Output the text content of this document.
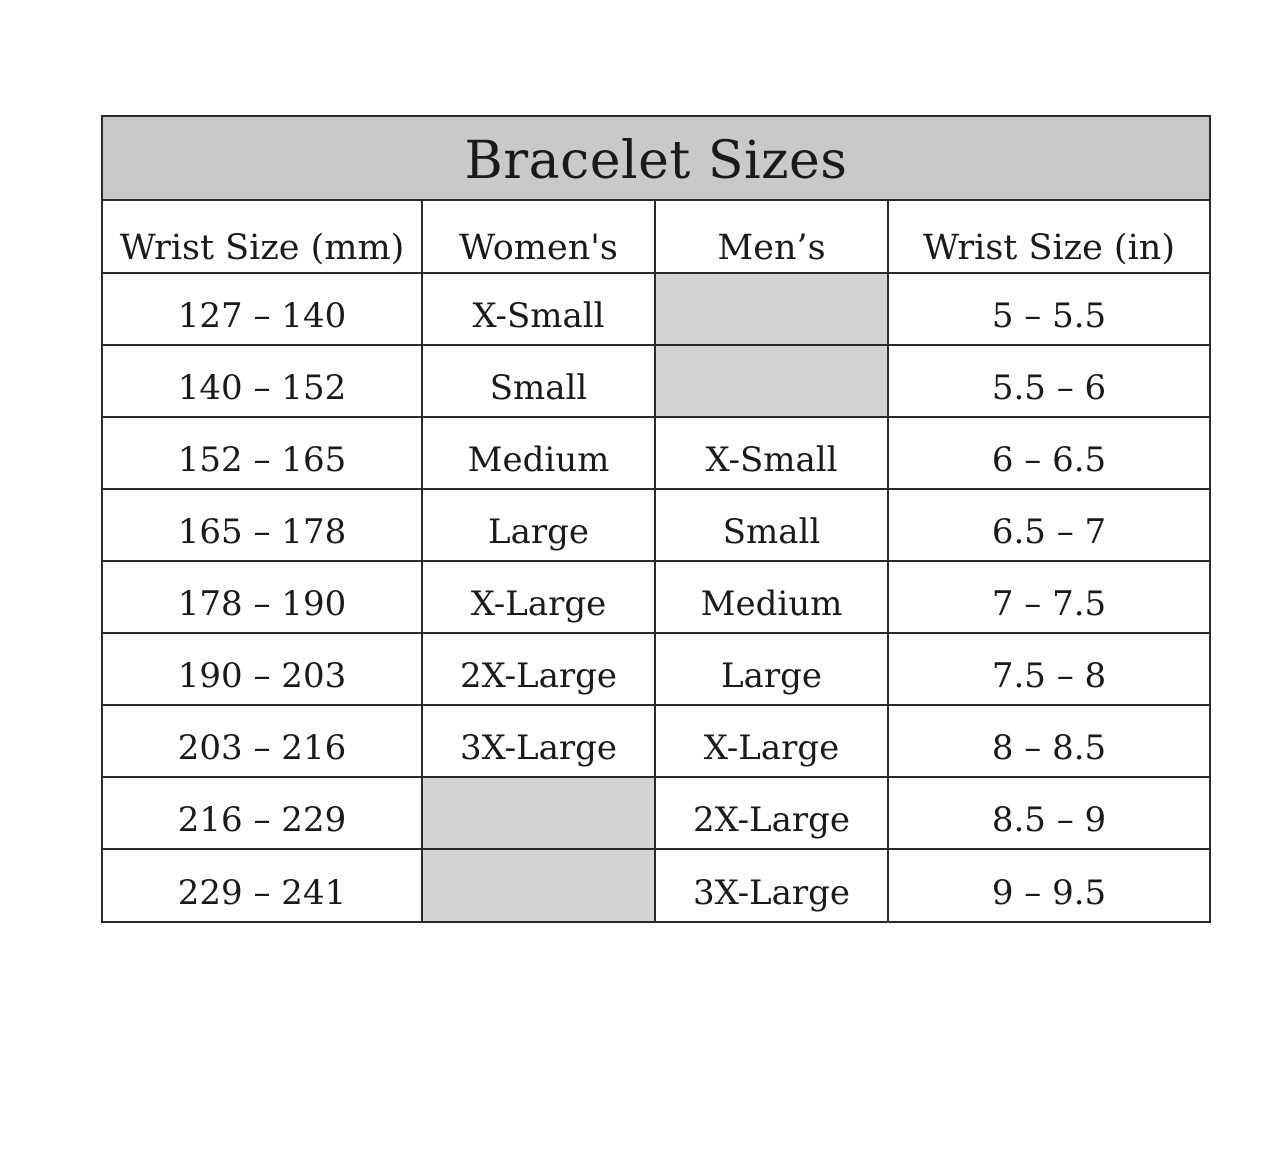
Bracelet Sizes
Wrist Size (mm)	Women's	Men’s	Wrist Size (in)
127 – 140	X-Small		5 – 5.5
140 – 152	Small		5.5 – 6
152 – 165	Medium	X-Small	6 – 6.5
165 – 178	Large	Small	6.5 – 7
178 – 190	X-Large	Medium	7 – 7.5
190 – 203	2X-Large	Large	7.5 – 8
203 – 216	3X-Large	X-Large	8 – 8.5
216 – 229		2X-Large	8.5 – 9
229 – 241		3X-Large	9 – 9.5
